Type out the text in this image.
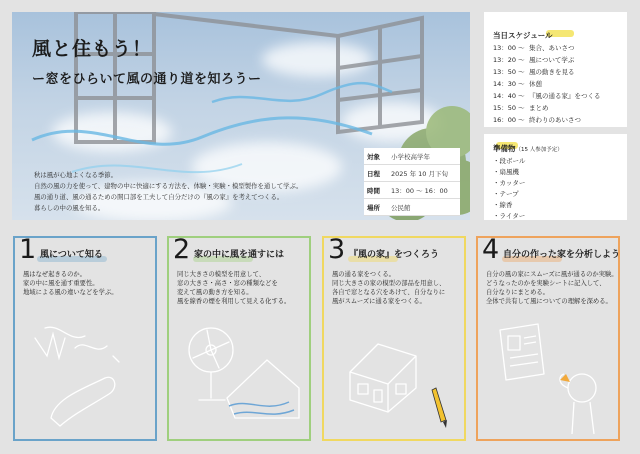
風と住もう！
ー窓をひらいて風の通り道を知ろうー
秋は風が心地よくなる季節。
自然の風の力を使って、建物の中に快適にする方法を、体験・実験・模型製作を通して学ぶ。
風の通り道、風の通るための開口部を工夫して自分だけの『風の家』を考えてつくる。
暮らしの中の風を知る。
対象	小学校高学年
日程	2025 年 10 月下旬
時間	13：00 ～ 16：00
場所	公民館
当日スケジュール
13：00 ～ 集合、あいさつ
13：20 ～ 風について学ぶ
13：50 ～ 風の動きを見る
14：30 ～ 休憩
14：40 ～ 『風の通る家』をつくる
15：50 ～ まとめ
16：00 ～ 終わりのあいさつ
準備物（15 人参加予定）
・段ボール
・扇風機
・カッター
・テープ
・線香
・ライター
1 風について知る
風はなぜ起きるのか。
家の中に風を通す重要性。
地域による風の違いなどを学ぶ。
2 家の中に風を通すには
同じ大きさの模型を用意して、
窓の大きさ・高さ・窓の種類などを
変えて風の動き方を知る。
風を線香の煙を利用して見える化する。
3 『風の家』をつくろう
風の通る家をつくる。
同じ大きさの家の模型の部品を用意し、
各自で窓となる穴をあけて、自分なりに
風がスムーズに通る家をつくる。
4 自分の作った家を分析しよう
自分の風の家にスムーズに風が通るのか実験。
どうなったのかを実験シートに記入して、
自分なりにまとめる。
全体で共有して風についての理解を深める。
